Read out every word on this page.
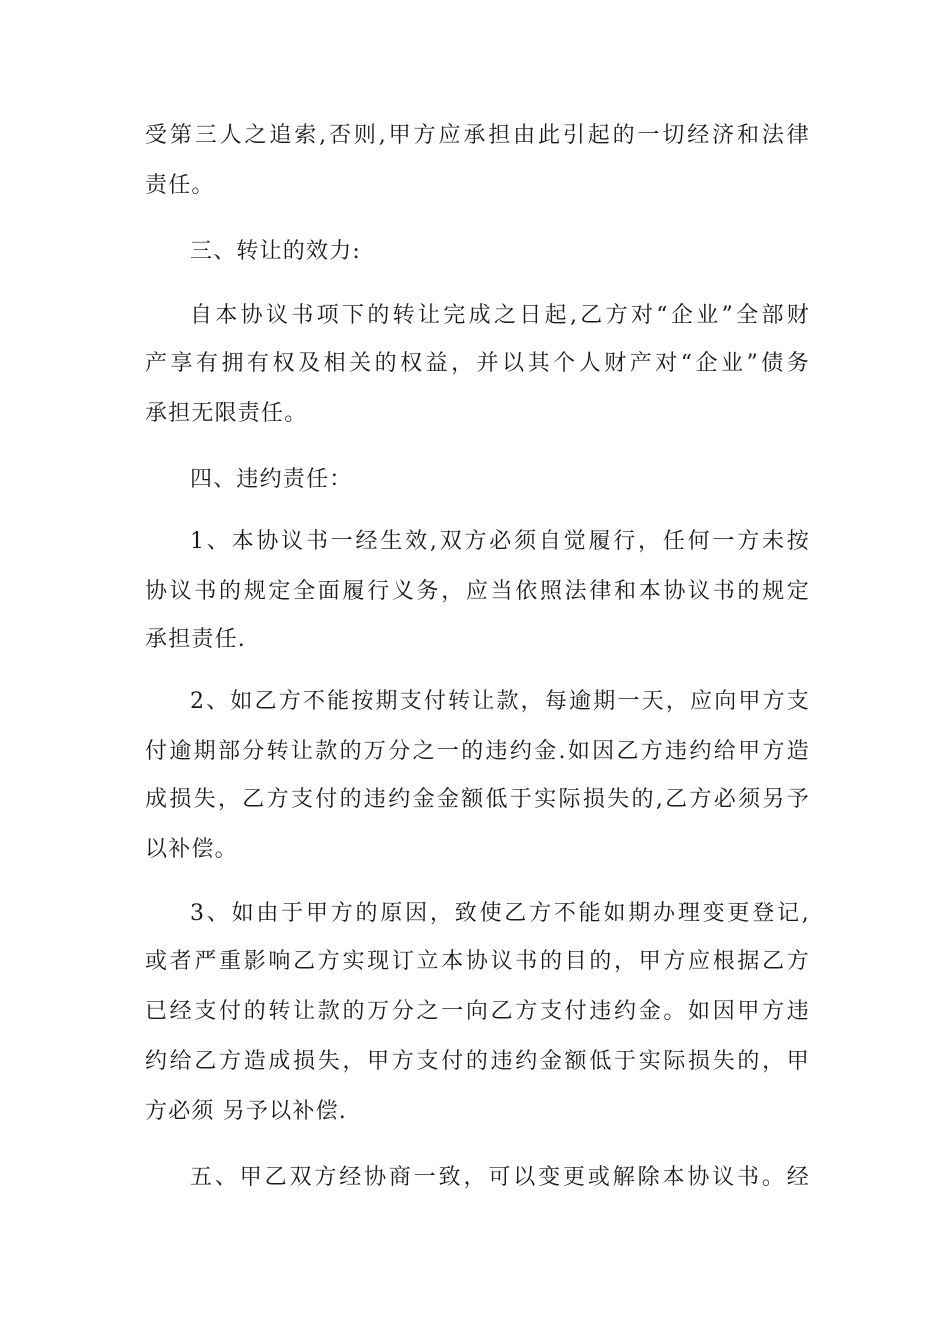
受第三人之追索,否则,甲方应承担由此引起的一切经济和法律
责任。
三、转让的效力:
自本协议书项下的转让完成之日起,乙方对“企业”全部财
产享有拥有权及相关的权益，并以其个人财产对“企业”债务
承担无限责任。
四、违约责任：
1、本协议书一经生效,双方必须自觉履行，任何一方未按
协议书的规定全面履行义务，应当依照法律和本协议书的规定
承担责任.
2、如乙方不能按期支付转让款，每逾期一天，应向甲方支
付逾期部分转让款的万分之一的违约金.如因乙方违约给甲方造
成损失，乙方支付的违约金金额低于实际损失的,乙方必须另予
以补偿。
3、如由于甲方的原因，致使乙方不能如期办理变更登记,
或者严重影响乙方实现订立本协议书的目的，甲方应根据乙方
已经支付的转让款的万分之一向乙方支付违约金。如因甲方违
约给乙方造成损失，甲方支付的违约金额低于实际损失的，甲
方必须 另予以补偿.
五、甲乙双方经协商一致，可以变更或解除本协议书。经
